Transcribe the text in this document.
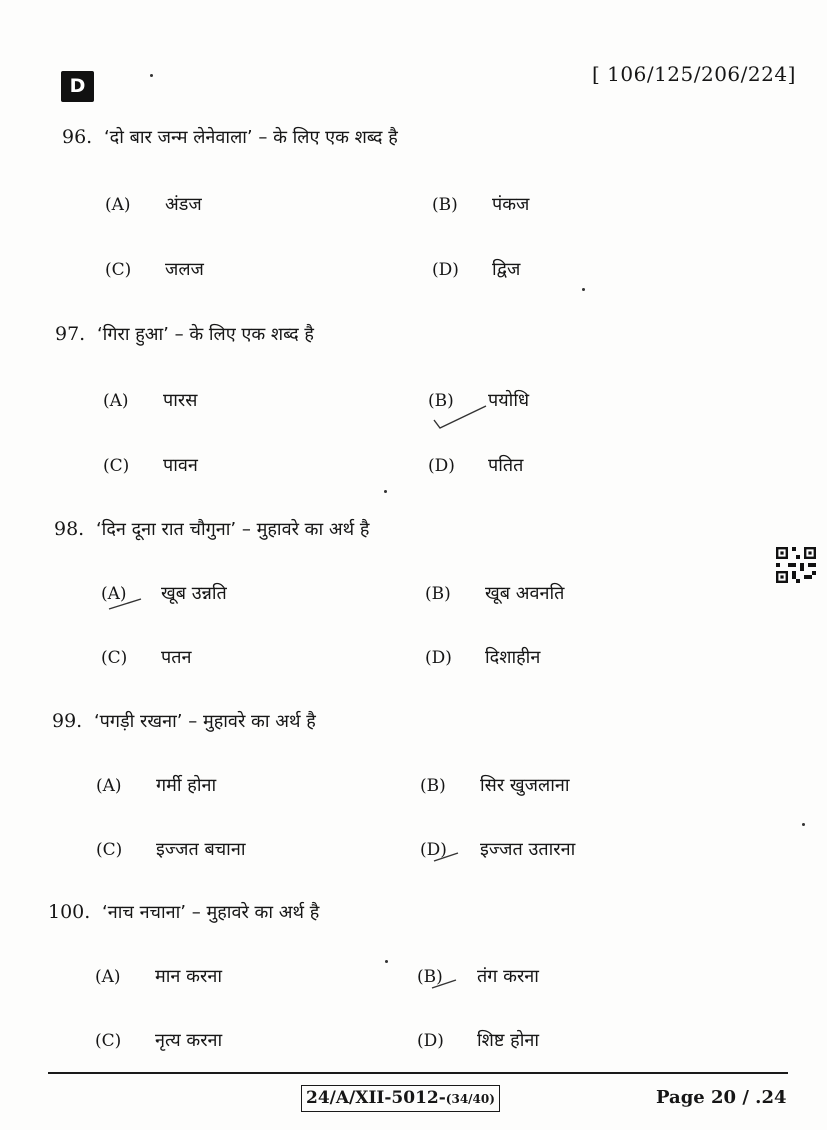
D	[ 106/125/206/224]
96. ‘दो बार जन्म लेनेवाला’ – के लिए एक शब्द है
(A) अंडज	(B) पंकज
(C) जलज	(D) द्विज
97. ‘गिरा हुआ’ – के लिए एक शब्द है
(A) पारस	(B) पयोधि
(C) पावन	(D) पतित
98. ‘दिन दूना रात चौगुना’ – मुहावरे का अर्थ है
(A) खूब उन्नति	(B) खूब अवनति
(C) पतन	(D) दिशाहीन
99. ‘पगड़ी रखना’ – मुहावरे का अर्थ है
(A) गर्मी होना	(B) सिर खुजलाना
(C) इज्जत बचाना	(D) इज्जत उतारना
100. ‘नाच नचाना’ – मुहावरे का अर्थ है
(A) मान करना	(B) तंग करना
(C) नृत्य करना	(D) शिष्ट होना
24/A/XII-5012-(34/40)	Page 20 / .24
